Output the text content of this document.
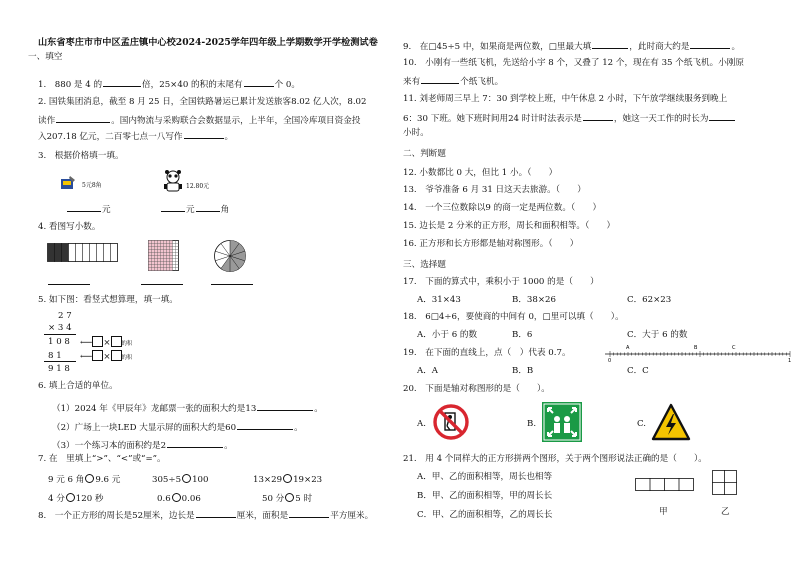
山东省枣庄市市中区孟庄镇中心校2024-2025学年四年级上学期数学开学检测试卷
一、填空
1.　880 是 4 的	倍，25×40 的积的末尾有	个 0。
2. 国铁集团消息，截至 8 月 25 日，全国铁路暑运已累计发送旅客8.02 亿人次，8.02
读作	。国内物流与采购联合会数据显示，上半年，全国冷库项目资金投
入207.18 亿元，二百零七点一八写作	。
3.　根据价格填一填。
5元8角	12.80元
元	元	角
4. 看图写小数。
5. 如下图：看竖式想算理，填一填。
2 7
× 3 4
1 0 8
8 1
9 1 8
⟵ × 的积
⟵ × 的积
6. 填上合适的单位。
（1）2024 年《甲辰年》龙邮票一张的面积大约是13	。
（2）广场上一块LED 大显示屏的面积大约是60	。
（3）一个练习本的面积约是2	。
7. 在　里填上“>”、“<”或“=”。
9 元 6 角 9.6 元	305÷5 100	13×29 19×23
4 分 120 秒	0.6 0.06	50 分 5 时
8.　一个正方形的周长是52厘米，边长是	厘米，面积是	平方厘米。
9.　在□45÷5 中，如果商是两位数，□里最大填	，此时商大约是	。
10.　小刚有一些纸飞机，先送给小宇 8 个，又叠了 12 个，现在有 35 个纸飞机。小刚原
来有	个纸飞机。
11. 刘老师周三早上 7：30 到学校上班，中午休息 2 小时，下午放学继续服务到晚上
6：30 下班。她下班时间用24 时计时法表示是	，她这一天工作的时长为
小时。
二、判断题
12. 小数都比 0 大，但比 1 小。（　　）
13.　爷爷准备 6 月 31 日这天去旅游。（　　）
14.　一个三位数除以9 的商一定是两位数。（　　）
15. 边长是 2 分米的正方形，周长和面积相等。（　　）
16. 正方形和长方形都是轴对称图形。（　　）
三、选择题
17.　下面的算式中，乘积小于 1000 的是（　　）
A．31×43	B．38×26	C．62×23
18.　6□4÷6，要使商的中间有 0，□里可以填（　　）。
A．小于 6 的数	B．6	C．大于 6 的数
19.　在下面的直线上，点（　）代表 0.7。
0	1
A	B	C
A．A	B．B	C．C
20.　下面是轴对称图形的是（　　）。
A.	B.	C.
21.　用 4 个同样大的正方形拼两个图形，关于两个图形说法正确的是（　　）。
A．甲、乙的面积相等，周长也相等
B．甲、乙的面积相等，甲的周长长
C．甲、乙的面积相等，乙的周长长	甲	乙
